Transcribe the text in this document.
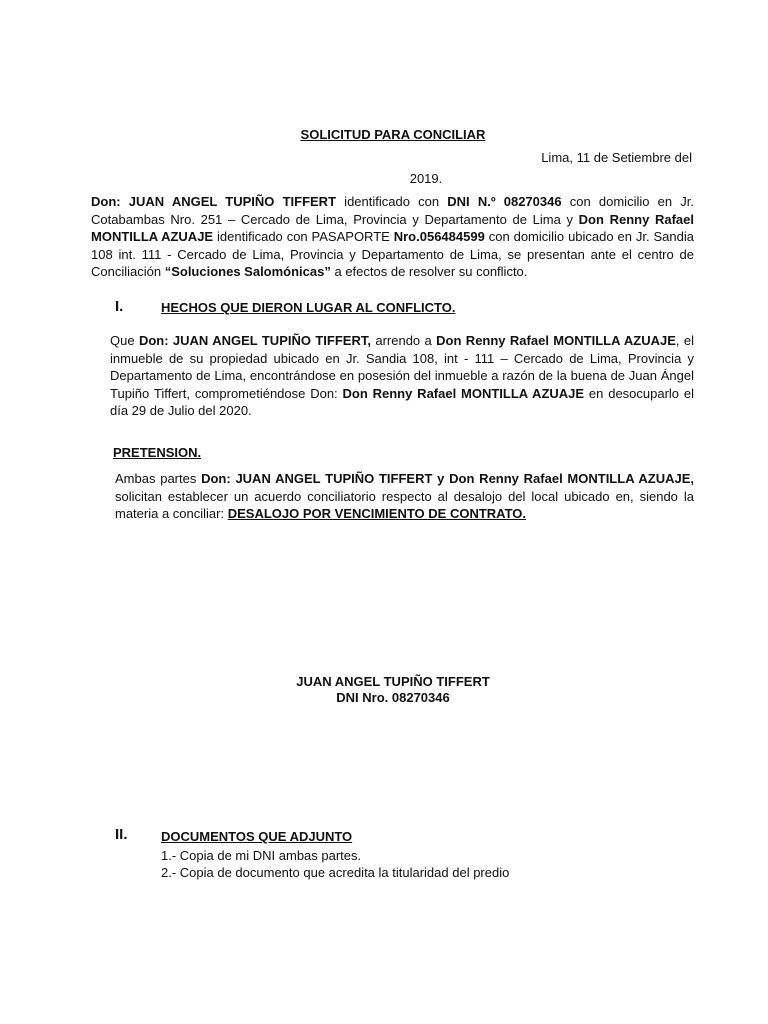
SOLICITUD PARA CONCILIAR
Lima, 11 de Setiembre del
2019.
Don: JUAN ANGEL TUPIÑO TIFFERT identificado con DNI N.º 08270346 con domicilio en Jr. Cotabambas Nro. 251 – Cercado de Lima, Provincia y Departamento de Lima y Don Renny Rafael MONTILLA AZUAJE identificado con PASAPORTE Nro.056484599 con domicilio ubicado en Jr. Sandia 108 int. 111 - Cercado de Lima, Provincia y Departamento de Lima, se presentan ante el centro de Conciliación “Soluciones Salomónicas” a efectos de resolver su conflicto.
I.	HECHOS QUE DIERON LUGAR AL CONFLICTO.
Que Don: JUAN ANGEL TUPIÑO TIFFERT, arrendo a Don Renny Rafael MONTILLA AZUAJE, el inmueble de su propiedad ubicado en Jr. Sandia 108, int - 111 – Cercado de Lima, Provincia y Departamento de Lima, encontrándose en posesión del inmueble a razón de la buena de Juan Ángel Tupiño Tiffert, comprometiéndose Don: Don Renny Rafael MONTILLA AZUAJE en desocuparlo el día 29 de Julio del 2020.
PRETENSION.
Ambas partes Don: JUAN ANGEL TUPIÑO TIFFERT y Don Renny Rafael MONTILLA AZUAJE, solicitan establecer un acuerdo conciliatorio respecto al desalojo del local ubicado en, siendo la materia a conciliar: DESALOJO POR VENCIMIENTO DE CONTRATO.
JUAN ANGEL TUPIÑO TIFFERT
DNI Nro. 08270346
II.	DOCUMENTOS QUE ADJUNTO
1.- Copia de mi DNI ambas partes.
2.- Copia de documento que acredita la titularidad del predio
